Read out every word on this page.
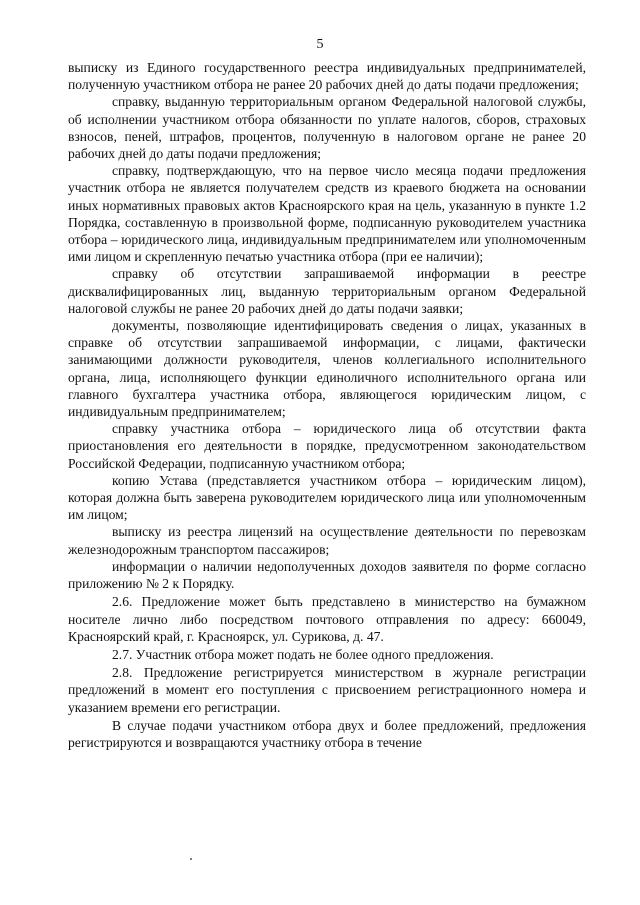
5

выписку из Единого государственного реестра индивидуальных предпринимателей, полученную участником отбора не ранее 20 рабочих дней до даты подачи предложения;

справку, выданную территориальным органом Федеральной налоговой службы, об исполнении участником отбора обязанности по уплате налогов, сборов, страховых взносов, пеней, штрафов, процентов, полученную в налоговом органе не ранее 20 рабочих дней до даты подачи предложения;

справку, подтверждающую, что на первое число месяца подачи предложения участник отбора не является получателем средств из краевого бюджета на основании иных нормативных правовых актов Красноярского края на цель, указанную в пункте 1.2 Порядка, составленную в произвольной форме, подписанную руководителем участника отбора – юридического лица, индивидуальным предпринимателем или уполномоченным ими лицом и скрепленную печатью участника отбора (при ее наличии);

справку об отсутствии запрашиваемой информации в реестре дисквалифицированных лиц, выданную территориальным органом Федеральной налоговой службы не ранее 20 рабочих дней до даты подачи заявки;

документы, позволяющие идентифицировать сведения о лицах, указанных в справке об отсутствии запрашиваемой информации, с лицами, фактически занимающими должности руководителя, членов коллегиального исполнительного органа, лица, исполняющего функции единоличного исполнительного органа или главного бухгалтера участника отбора, являющегося юридическим лицом, с индивидуальным предпринимателем;

справку участника отбора – юридического лица об отсутствии факта приостановления его деятельности в порядке, предусмотренном законодательством Российской Федерации, подписанную участником отбора;

копию Устава (представляется участником отбора – юридическим лицом), которая должна быть заверена руководителем юридического лица или уполномоченным им лицом;

выписку из реестра лицензий на осуществление деятельности по перевозкам железнодорожным транспортом пассажиров;

информации о наличии недополученных доходов заявителя по форме согласно приложению № 2 к Порядку.

2.6. Предложение может быть представлено в министерство на бумажном носителе лично либо посредством почтового отправления по адресу: 660049, Красноярский край, г. Красноярск, ул. Сурикова, д. 47.

2.7. Участник отбора может подать не более одного предложения.

2.8. Предложение регистрируется министерством в журнале регистрации предложений в момент его поступления с присвоением регистрационного номера и указанием времени его регистрации.

В случае подачи участником отбора двух и более предложений, предложения регистрируются и возвращаются участнику отбора в течение
